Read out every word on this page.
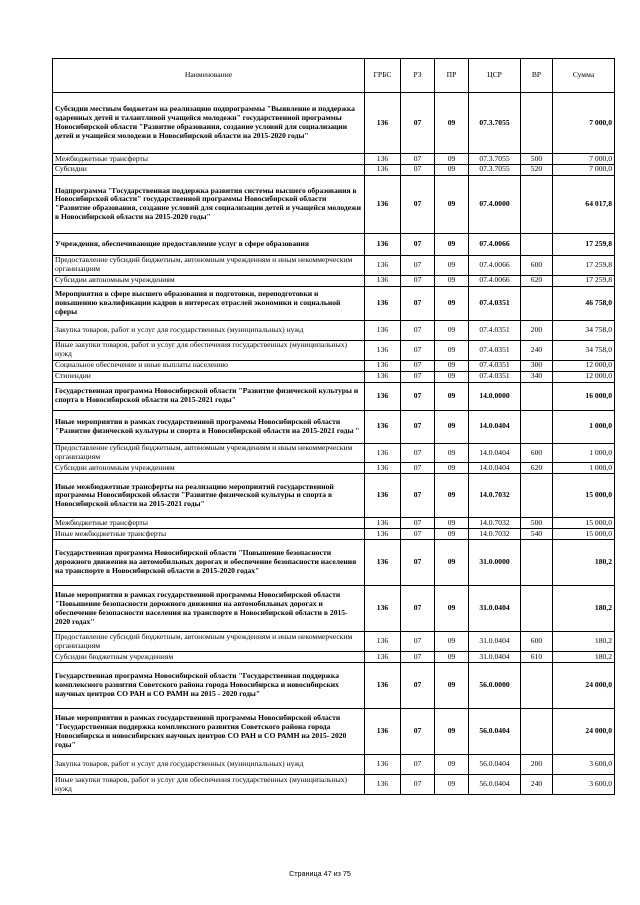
Наименование	ГРБС	РЗ	ПР	ЦСР	ВР	Сумма
Субсидии местным бюджетам на реализацию подпрограммы "Выявление и поддержка одаренных детей и талантливой учащейся молодежи" государственной программы Новосибирской области "Развитие образования, создание условий для социализации детей и учащейся молодежи в Новосибирской области на 2015-2020 годы"	136	07	09	07.3.7055		7 000,0
Межбюджетные трансферты	136	07	09	07.3.7055	500	7 000,0
Субсидии	136	07	09	07.3.7055	520	7 000,0
Подпрограмма "Государственная поддержка развития системы высшего образования в Новосибирской области" государственной программы Новосибирской области "Развитие образования, создание условий для социализации детей и учащейся молодежи в Новосибирской области на 2015-2020 годы"	136	07	09	07.4.0000		64 017,8
Учреждения, обеспечивающие предоставление услуг в сфере образования	136	07	09	07.4.0066		17 259,8
Предоставление субсидий бюджетным, автономным учреждениям и иным некоммерческим организациям	136	07	09	07.4.0066	600	17 259,8
Субсидии автономным учреждениям	136	07	09	07.4.0066	620	17 259,8
Мероприятия в сфере высшего образования и подготовки, переподготовки и повышению квалификации кадров в интересах отраслей экономики и социальной сферы	136	07	09	07.4.0351		46 758,0
Закупка товаров, работ и услуг для государственных (муниципальных) нужд	136	07	09	07.4.0351	200	34 758,0
Иные закупки товаров, работ и услуг для обеспечения государственных (муниципальных) нужд	136	07	09	07.4.0351	240	34 758,0
Социальное обеспечение и иные выплаты населению	136	07	09	07.4.0351	300	12 000,0
Стипендии	136	07	09	07.4.0351	340	12 000,0
Государственная программа Новосибирской области "Развитие физической культуры и спорта в Новосибирской области на 2015-2021 годы"	136	07	09	14.0.0000		16 000,0
Иные мероприятия в рамках государственной программы Новосибирской области "Развитие физической культуры и спорта в Новосибирской области на 2015-2021 годы "	136	07	09	14.0.0404		1 000,0
Предоставление субсидий бюджетным, автономным учреждениям и иным некоммерческим организациям	136	07	09	14.0.0404	600	1 000,0
Субсидии автономным учреждениям	136	07	09	14.0.0404	620	1 000,0
Иные межбюджетные трансферты на реализацию мероприятий государственной программы Новосибирской области "Развитие физической культуры и спорта в Новосибирской области на 2015-2021 годы"	136	07	09	14.0.7032		15 000,0
Межбюджетные трансферты	136	07	09	14.0.7032	500	15 000,0
Иные межбюджетные трансферты	136	07	09	14.0.7032	540	15 000,0
Государственная программа Новосибирской области "Повышение безопасности дорожного движения на автомобильных дорогах и обеспечение безопасности населения на транспорте в Новосибирской области в 2015-2020 годах"	136	07	09	31.0.0000		180,2
Иные мероприятия в рамках государственной программы Новосибирской области "Повышение безопасности дорожного движения на автомобильных дорогах и обеспечение безопасности населения на транспорте в Новосибирской области в 2015-2020 годах"	136	07	09	31.0.0404		180,2
Предоставление субсидий бюджетным, автономным учреждениям и иным некоммерческим организациям	136	07	09	31.0.0404	600	180,2
Субсидии бюджетным учреждениям	136	07	09	31.0.0404	610	180,2
Государственная программа Новосибирской области "Государственная поддержка комплексного развития Советского района города Новосибирска и новосибирских научных центров СО РАН и СО РАМН на 2015 - 2020 годы"	136	07	09	56.0.0000		24 000,0
Иные мероприятия в рамках государственной программы Новосибирской области "Государственная поддержка комплексного развития Советского района города Новосибирска и новосибирских научных центров СО РАН и СО РАМН на 2015- 2020 годы"	136	07	09	56.0.0404		24 000,0
Закупка товаров, работ и услуг для государственных (муниципальных) нужд	136	07	09	56.0.0404	200	3 600,0
Иные закупки товаров, работ и услуг для обеспечения государственных (муниципальных) нужд	136	07	09	56.0.0404	240	3 600,0
Страница 47 из 75
